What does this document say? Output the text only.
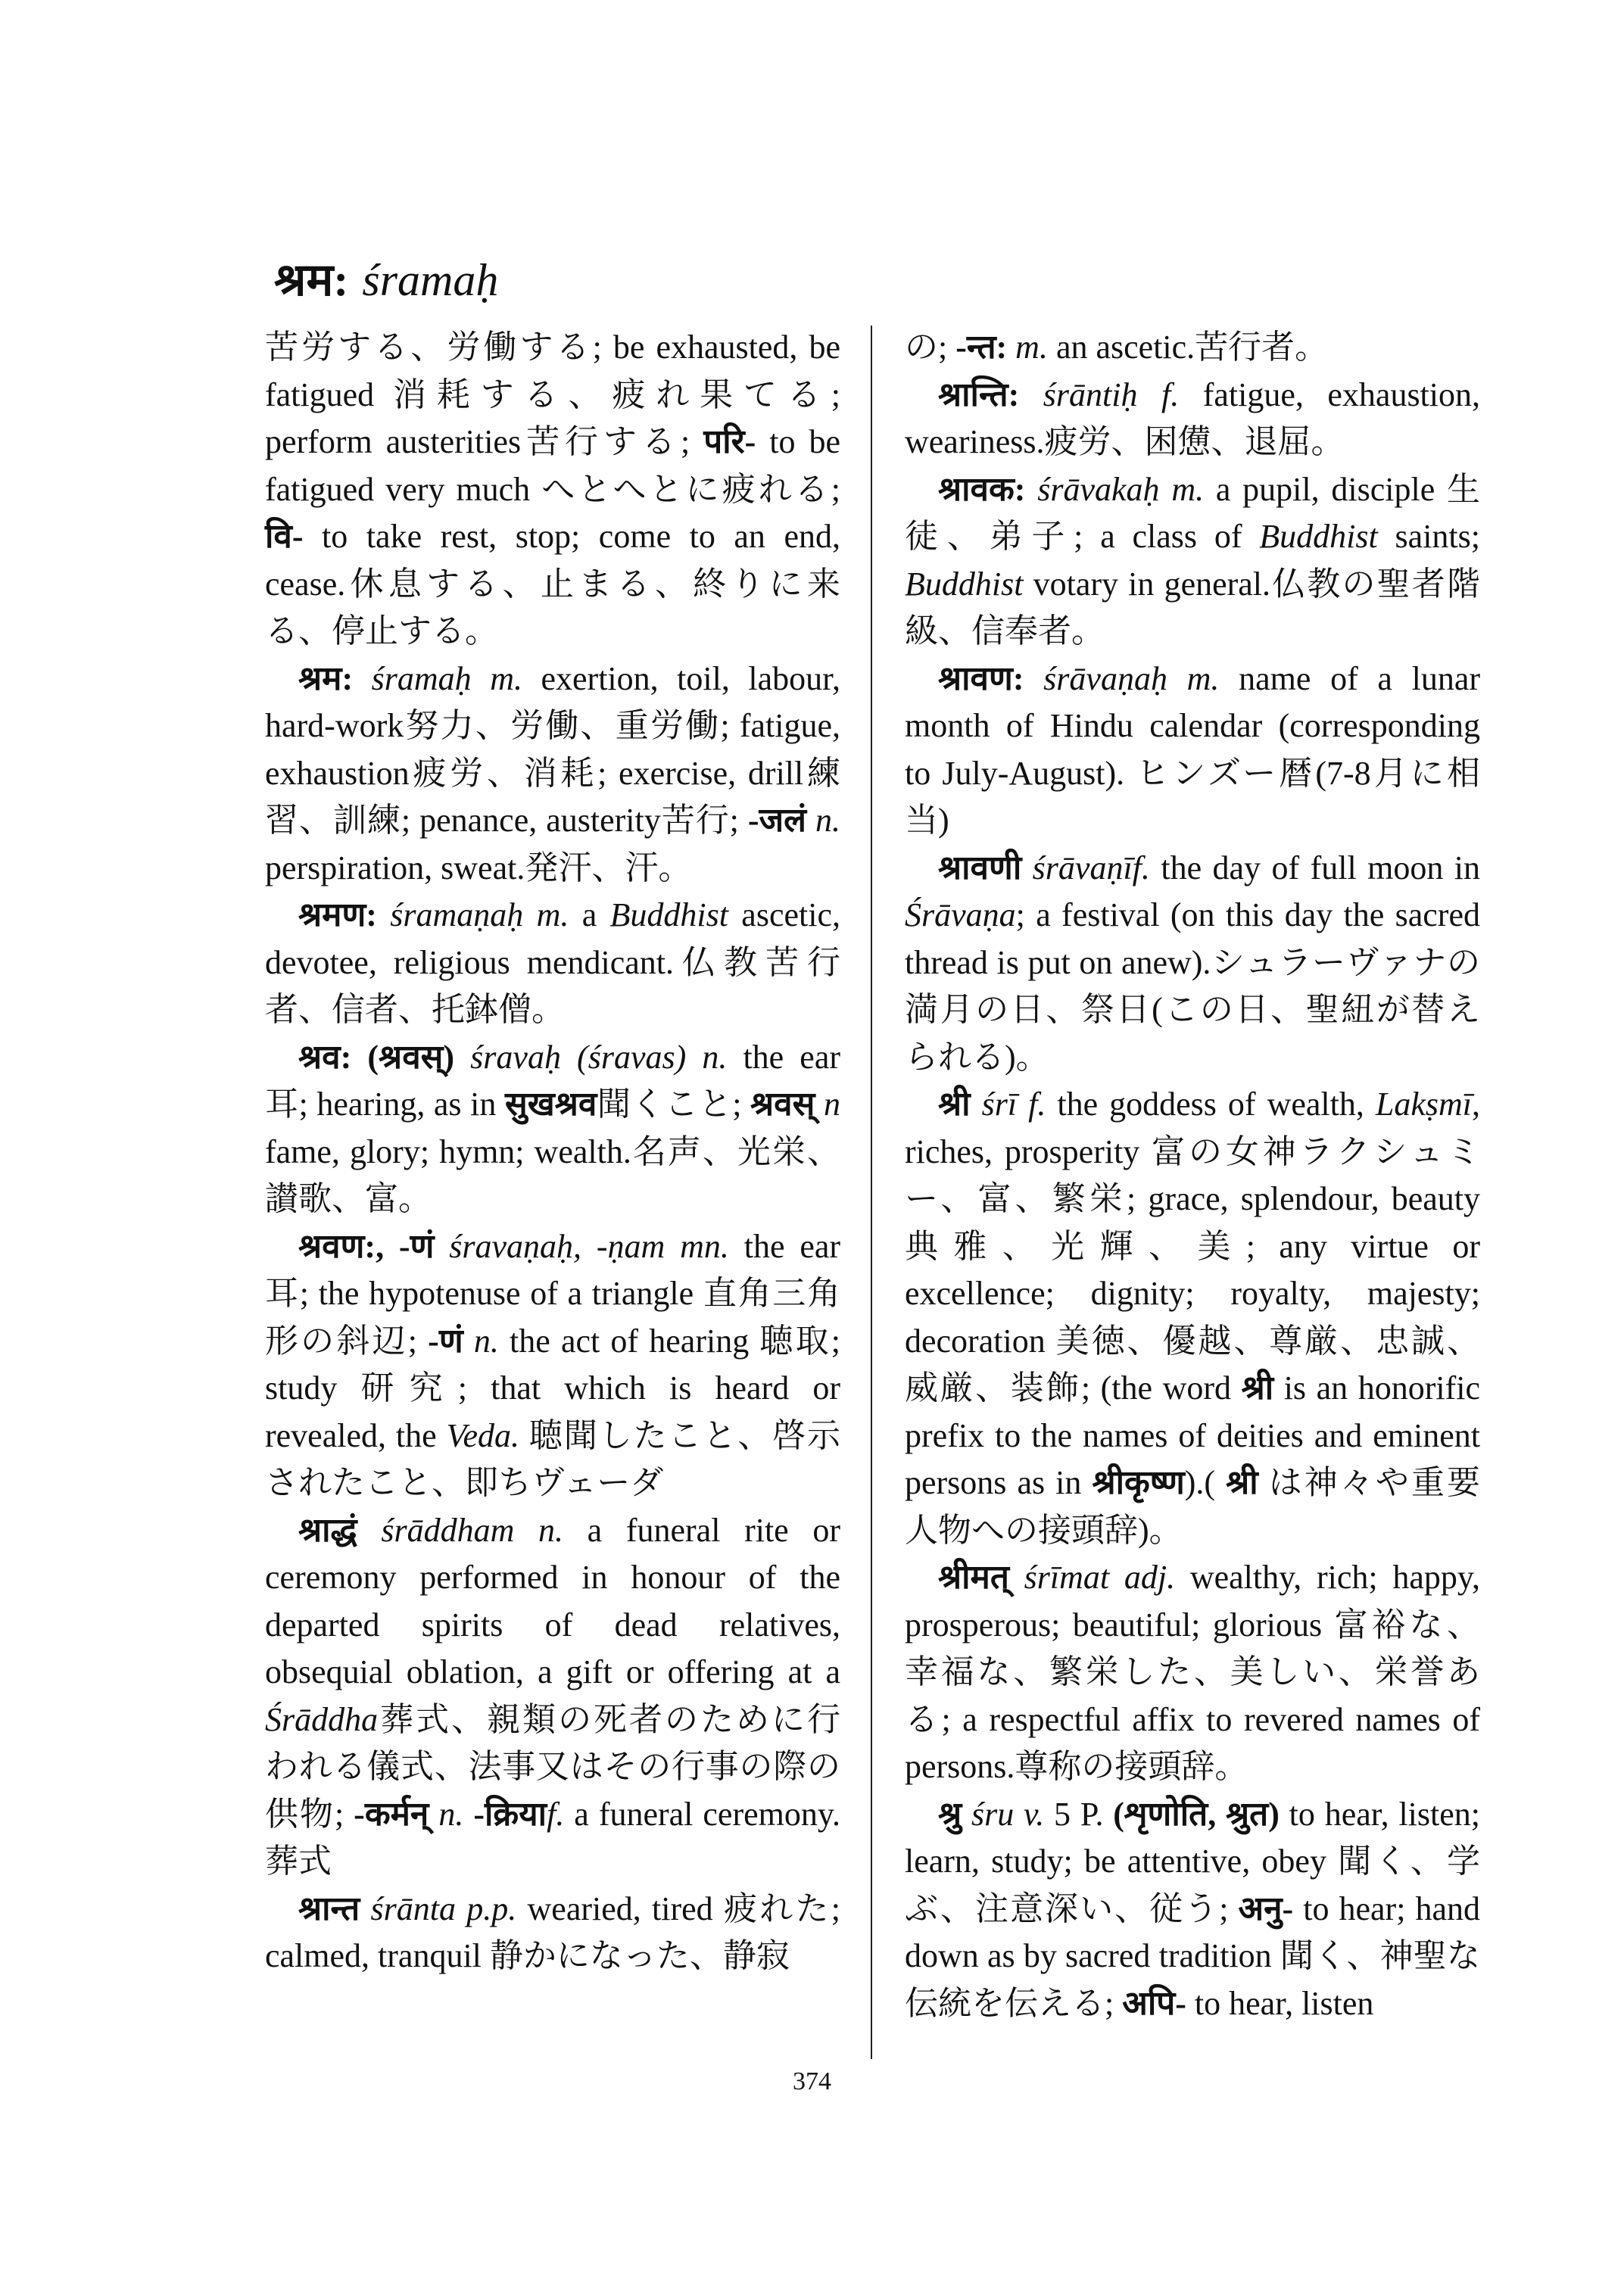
श्रम: śramaḥ

苦労する、労働する; be exhausted, be fatigued 消耗する、疲れ果てる; perform austerities苦行する; परि- to be fatigued very much へとへとに疲れる; वि- to take rest, stop; come to an end, cease.休息する、止まる、終りに来る、停止する。

श्रम: śramaḥ m. exertion, toil, labour, hard-work努力、労働、重労働; fatigue, exhaustion疲労、消耗; exercise, drill練習、訓練; penance, austerity苦行; -जलं n. perspiration, sweat.発汗、汗。

श्रमण: śramaṇaḥ m. a Buddhist ascetic, devotee, religious mendicant.仏教苦行者、信者、托鉢僧。

श्रव: (श्रवस्) śravaḥ (śravas) n. the ear 耳; hearing, as in सुखश्रव聞くこと; श्रवस् n fame, glory; hymn; wealth.名声、光栄、讃歌、富。

श्रवण:, -णं śravaṇaḥ, -ṇam mn. the ear 耳; the hypotenuse of a triangle 直角三角形の斜辺; -णं n. the act of hearing 聴取; study 研究; that which is heard or revealed, the Veda. 聴聞したこと、啓示されたこと、即ちヴェーダ

श्राद्धं śrāddham n. a funeral rite or ceremony performed in honour of the departed spirits of dead relatives, obsequial oblation, a gift or offering at a Śrāddha葬式、親類の死者のために行われる儀式、法事又はその行事の際の供物; -कर्मन् n. -क्रियाf. a funeral ceremony. 葬式

श्रान्त śrānta p.p. wearied, tired 疲れた; calmed, tranquil 静かになった、静寂

の; -न्त: m. an ascetic.苦行者。

श्रान्ति: śrāntiḥ f. fatigue, exhaustion, weariness.疲労、困憊、退屈。

श्रावक: śrāvakaḥ m. a pupil, disciple 生徒、弟子; a class of Buddhist saints; Buddhist votary in general.仏教の聖者階級、信奉者。

श्रावण: śrāvaṇaḥ m. name of a lunar month of Hindu calendar (corresponding to July-August). ヒンズー暦(7-8月に相当)

श्रावणी śrāvaṇīf. the day of full moon in Śrāvaṇa; a festival (on this day the sacred thread is put on anew).シュラーヴァナの満月の日、祭日(この日、聖紐が替えられる)。

श्री śrī f. the goddess of wealth, Lakṣmī, riches, prosperity 富の女神ラクシュミー、富、繁栄; grace, splendour, beauty 典雅、光輝、美; any virtue or excellence; dignity; royalty, majesty; decoration 美徳、優越、尊厳、忠誠、威厳、装飾; (the word श्री is an honorific prefix to the names of deities and eminent persons as in श्रीकृष्ण).( श्री は神々や重要人物への接頭辞)。

श्रीमत् śrīmat adj. wealthy, rich; happy, prosperous; beautiful; glorious 富裕な、幸福な、繁栄した、美しい、栄誉ある; a respectful affix to revered names of persons.尊称の接頭辞。

श्रु śru v. 5 P. (शृणोति, श्रुत) to hear, listen; learn, study; be attentive, obey 聞く、学ぶ、注意深い、従う; अनु- to hear; hand down as by sacred tradition 聞く、神聖な伝統を伝える; अपि- to hear, listen

374
